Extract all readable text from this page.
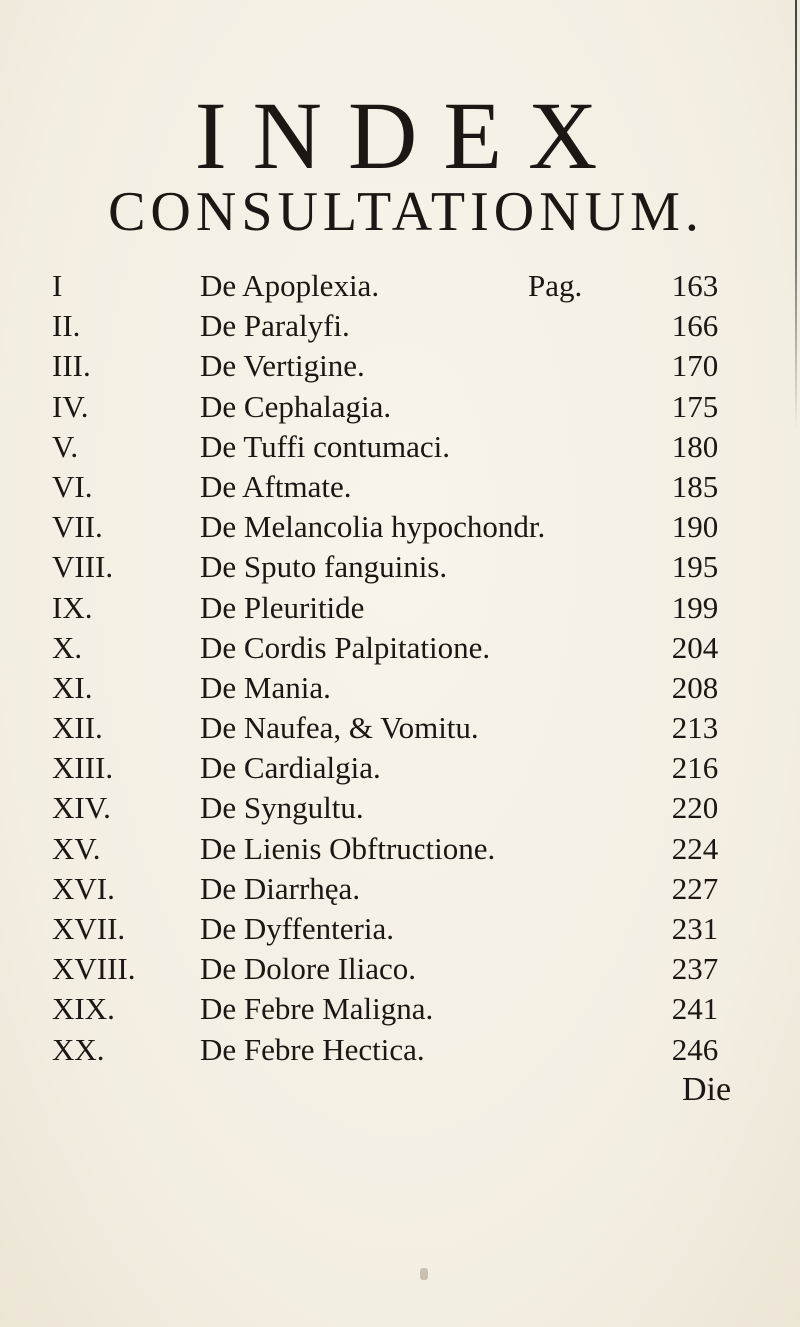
INDEX
CONSULTATIONUM.
I	De Apoplexia.	Pag.	163
II.	De Paralyfi.	166
III.	De Vertigine.	170
IV.	De Cephalagia.	175
V.	De Tuffi contumaci.	180
VI.	De Aftmate.	185
VII.	De Melancolia hypochondr.	190
VIII.	De Sputo fanguinis.	195
IX.	De Pleuritide	199
X.	De Cordis Palpitatione.	204
XI.	De Mania.	208
XII.	De Naufea, & Vomitu.	213
XIII.	De Cardialgia.	216
XIV.	De Syngultu.	220
XV.	De Lienis Obftructione.	224
XVI.	De Diarrhęa.	227
XVII. De Dyffenteria.	231
XVIII. De Dolore Iliaco.	237
XIX.	De Febre Maligna.	241
XX.	De Febre Hectica.	246
Die
